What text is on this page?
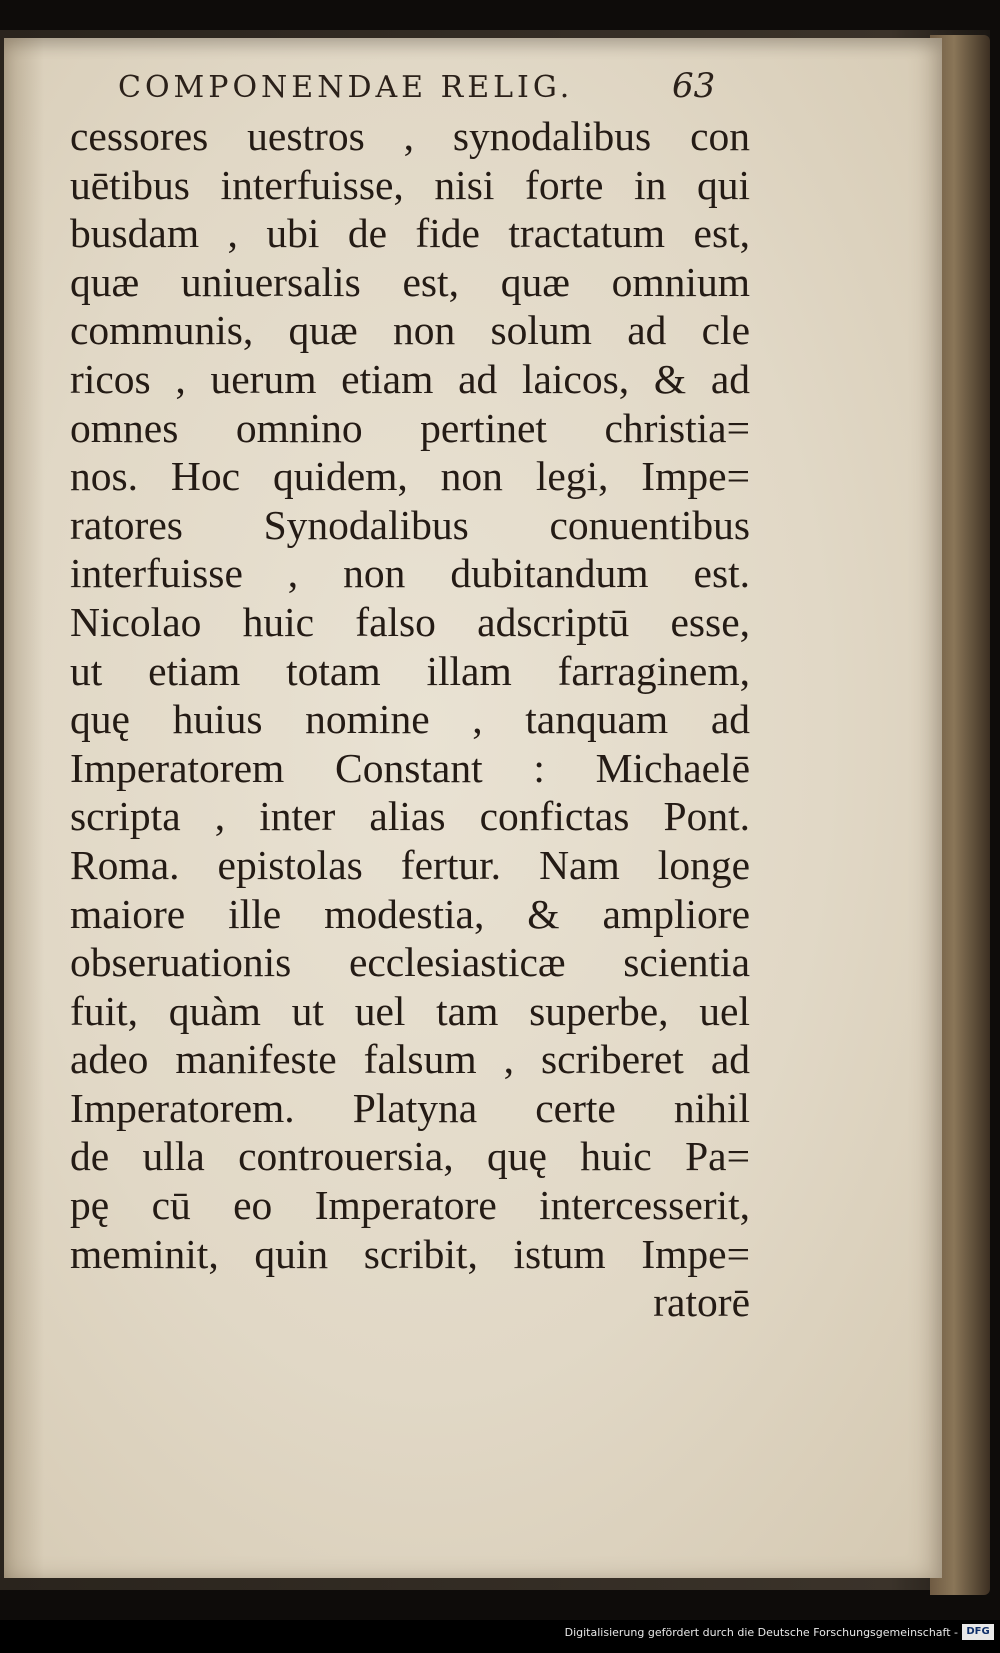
COMPONENDAE RELIG.	63
cessores uestros , synodalibus con
uētibus interfuisse, nisi forte in qui
busdam , ubi de fide tractatum est,
quæ uniuersalis est, quæ omnium
communis, quæ non solum ad cle
ricos , uerum etiam ad laicos, & ad
omnes omnino pertinet christia=
nos. Hoc quidem, non legi, Impe=
ratores Synodalibus conuentibus
interfuisse , non dubitandum est.
Nicolao huic falso adscriptū esse,
ut etiam totam illam farraginem,
quę huius nomine , tanquam ad
Imperatorem Constant : Michaelē
scripta , inter alias confictas Pont.
Roma. epistolas fertur. Nam longe
maiore ille modestia, & ampliore
obseruationis ecclesiasticæ scientia
fuit, quàm ut uel tam superbe, uel
adeo manifeste falsum , scriberet ad
Imperatorem. Platyna certe nihil
de ulla controuersia, quę huic Pa=
pę cū eo Imperatore intercesserit,
meminit, quin scribit, istum Impe=
ratorē
Digitalisierung gefördert durch die Deutsche Forschungsgemeinschaft - DFG
